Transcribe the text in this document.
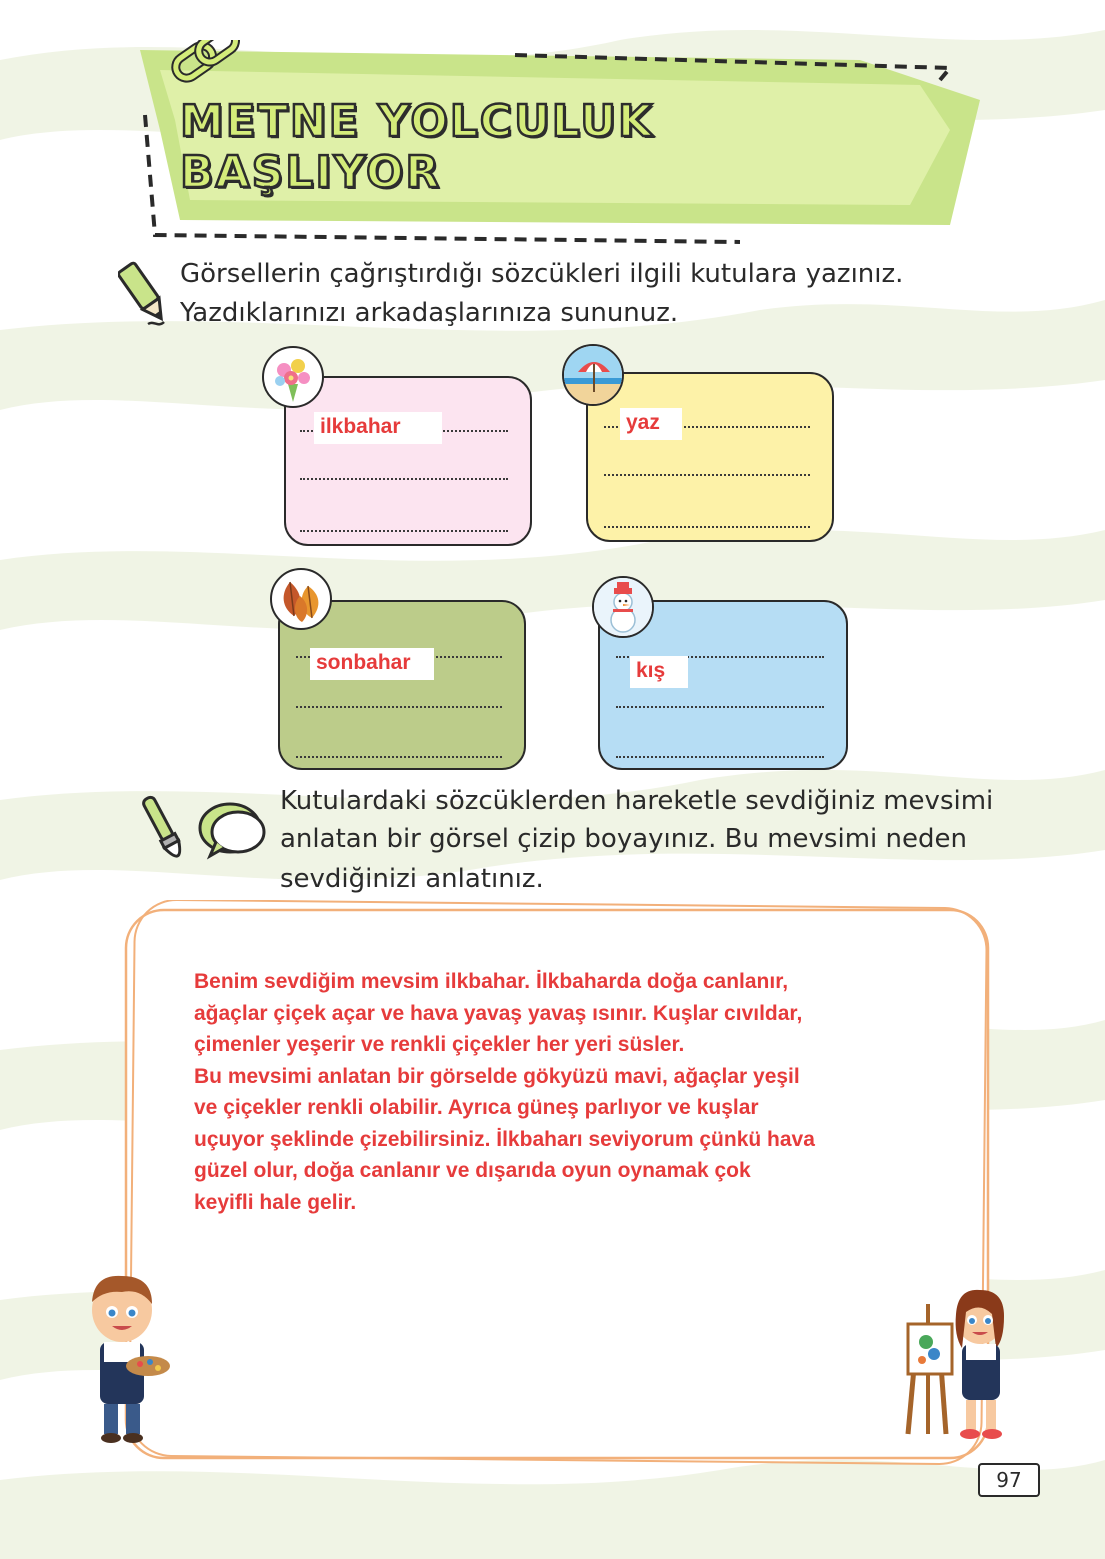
METNE YOLCULUK BAŞLIYOR
Görsellerin çağrıştırdığı sözcükleri ilgili kutulara yazınız.
Yazdıklarınızı arkadaşlarınıza sununuz.
ilkbahar	yaz
sonbahar	kış
Kutulardaki sözcüklerden hareketle sevdiğiniz mevsimi
anlatan bir görsel çizip boyayınız. Bu mevsimi neden
sevdiğinizi anlatınız.
Benim sevdiğim mevsim ilkbahar. İlkbaharda doğa canlanır,
ağaçlar çiçek açar ve hava yavaş yavaş ısınır. Kuşlar cıvıldar,
çimenler yeşerir ve renkli çiçekler her yeri süsler.
Bu mevsimi anlatan bir görselde gökyüzü mavi, ağaçlar yeşil
ve çiçekler renkli olabilir. Ayrıca güneş parlıyor ve kuşlar
uçuyor şeklinde çizebilirsiniz. İlkbaharı seviyorum çünkü hava
güzel olur, doğa canlanır ve dışarıda oyun oynamak çok
keyifli hale gelir.
97
